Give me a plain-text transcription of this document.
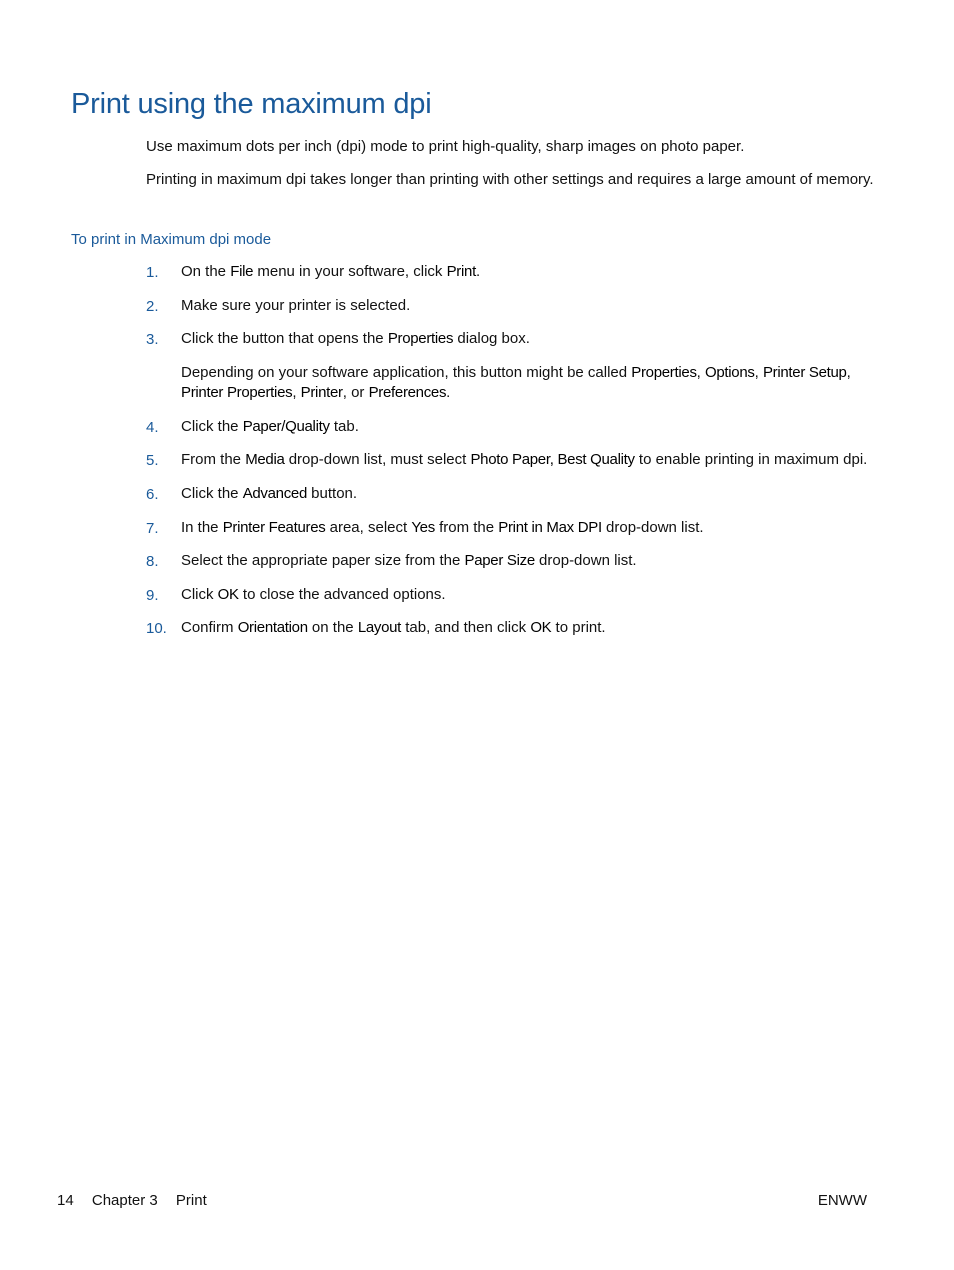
Print using the maximum dpi

Use maximum dots per inch (dpi) mode to print high-quality, sharp images on photo paper.

Printing in maximum dpi takes longer than printing with other settings and requires a large amount of memory.

To print in Maximum dpi mode
1. On the File menu in your software, click Print.
2. Make sure your printer is selected.
3. Click the button that opens the Properties dialog box.
Depending on your software application, this button might be called Properties, Options, Printer Setup, Printer Properties, Printer, or Preferences.
4. Click the Paper/Quality tab.
5. From the Media drop-down list, must select Photo Paper, Best Quality to enable printing in maximum dpi.
6. Click the Advanced button.
7. In the Printer Features area, select Yes from the Print in Max DPI drop-down list.
8. Select the appropriate paper size from the Paper Size drop-down list.
9. Click OK to close the advanced options.
10. Confirm Orientation on the Layout tab, and then click OK to print.
14 Chapter 3 Print	ENWW
